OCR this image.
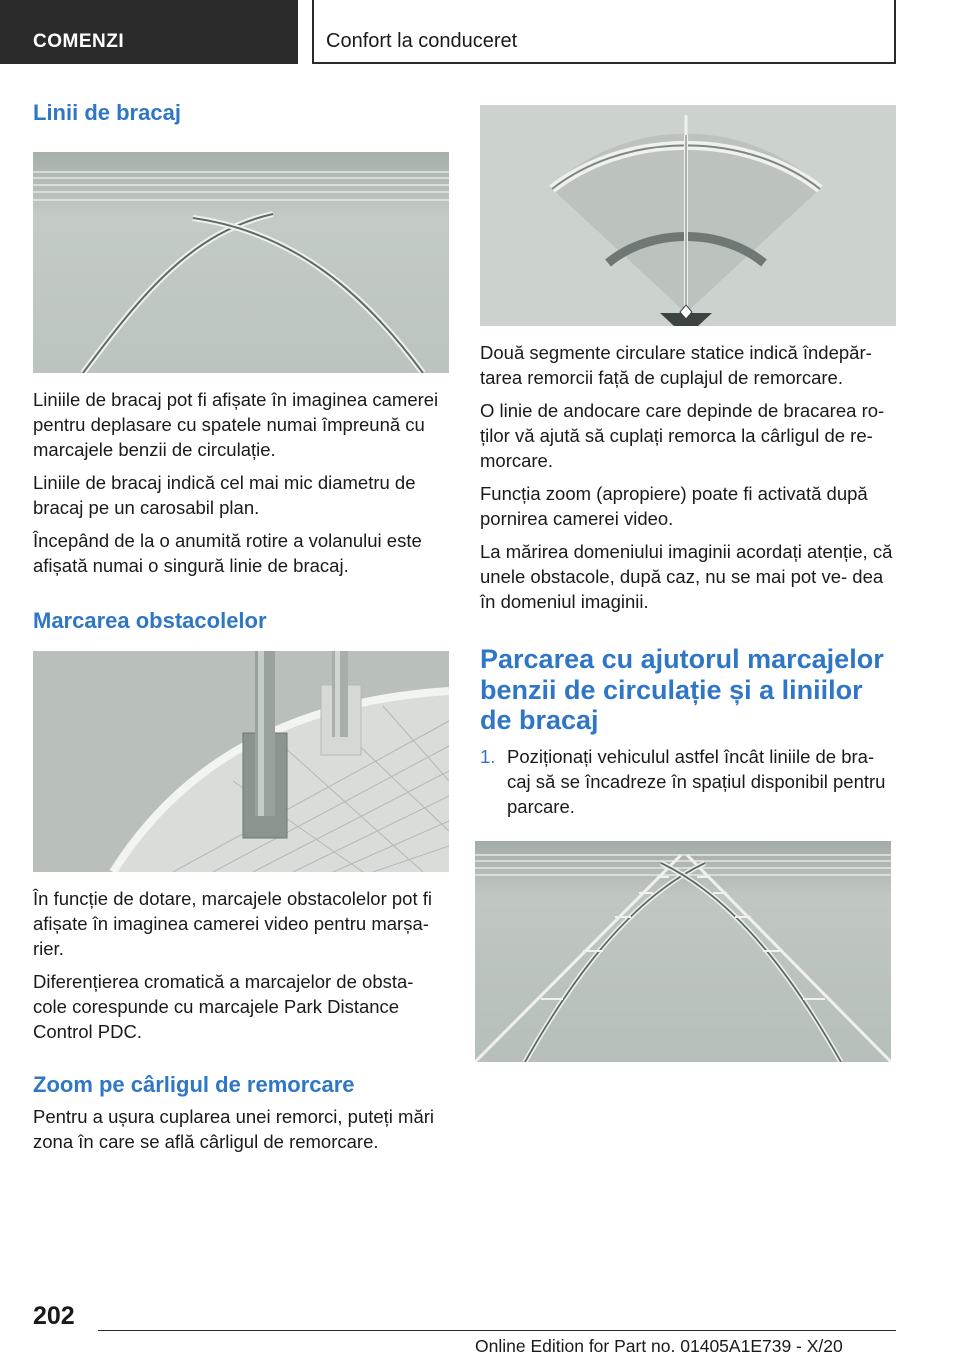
COMENZI	Confort la conduceret
Linii de bracaj

Liniile de bracaj pot fi afișate în imaginea camerei pentru deplasare cu spatele numai împreună cu marcajele benzii de circulație.

Liniile de bracaj indică cel mai mic diametru de bracaj pe un carosabil plan.

Începând de la o anumită rotire a volanului este afișată numai o singură linie de bracaj.

Marcarea obstacolelor

În funcție de dotare, marcajele obstacolelor pot fi afișate în imaginea camerei video pentru marșa- rier.

Diferențierea cromatică a marcajelor de obsta- cole corespunde cu marcajele Park Distance Control PDC.

Zoom pe cârligul de remorcare

Pentru a ușura cuplarea unei remorci, puteți mări zona în care se află cârligul de remorcare.

Două segmente circulare statice indică îndepăr- tarea remorcii față de cuplajul de remorcare.

O linie de andocare care depinde de bracarea ro- ților vă ajută să cuplați remorca la cârligul de re- morcare.

Funcția zoom (apropiere) poate fi activată după pornirea camerei video.

La mărirea domeniului imaginii acordați atenție, că unele obstacole, după caz, nu se mai pot ve- dea în domeniul imaginii.

Parcarea cu ajutorul marcajelor benzii de circulație și a liniilor de bracaj
1. Poziționați vehiculul astfel încât liniile de bra- caj să se încadreze în spațiul disponibil pentru parcare.
202
Online Edition for Part no. 01405A1E739 - X/20
